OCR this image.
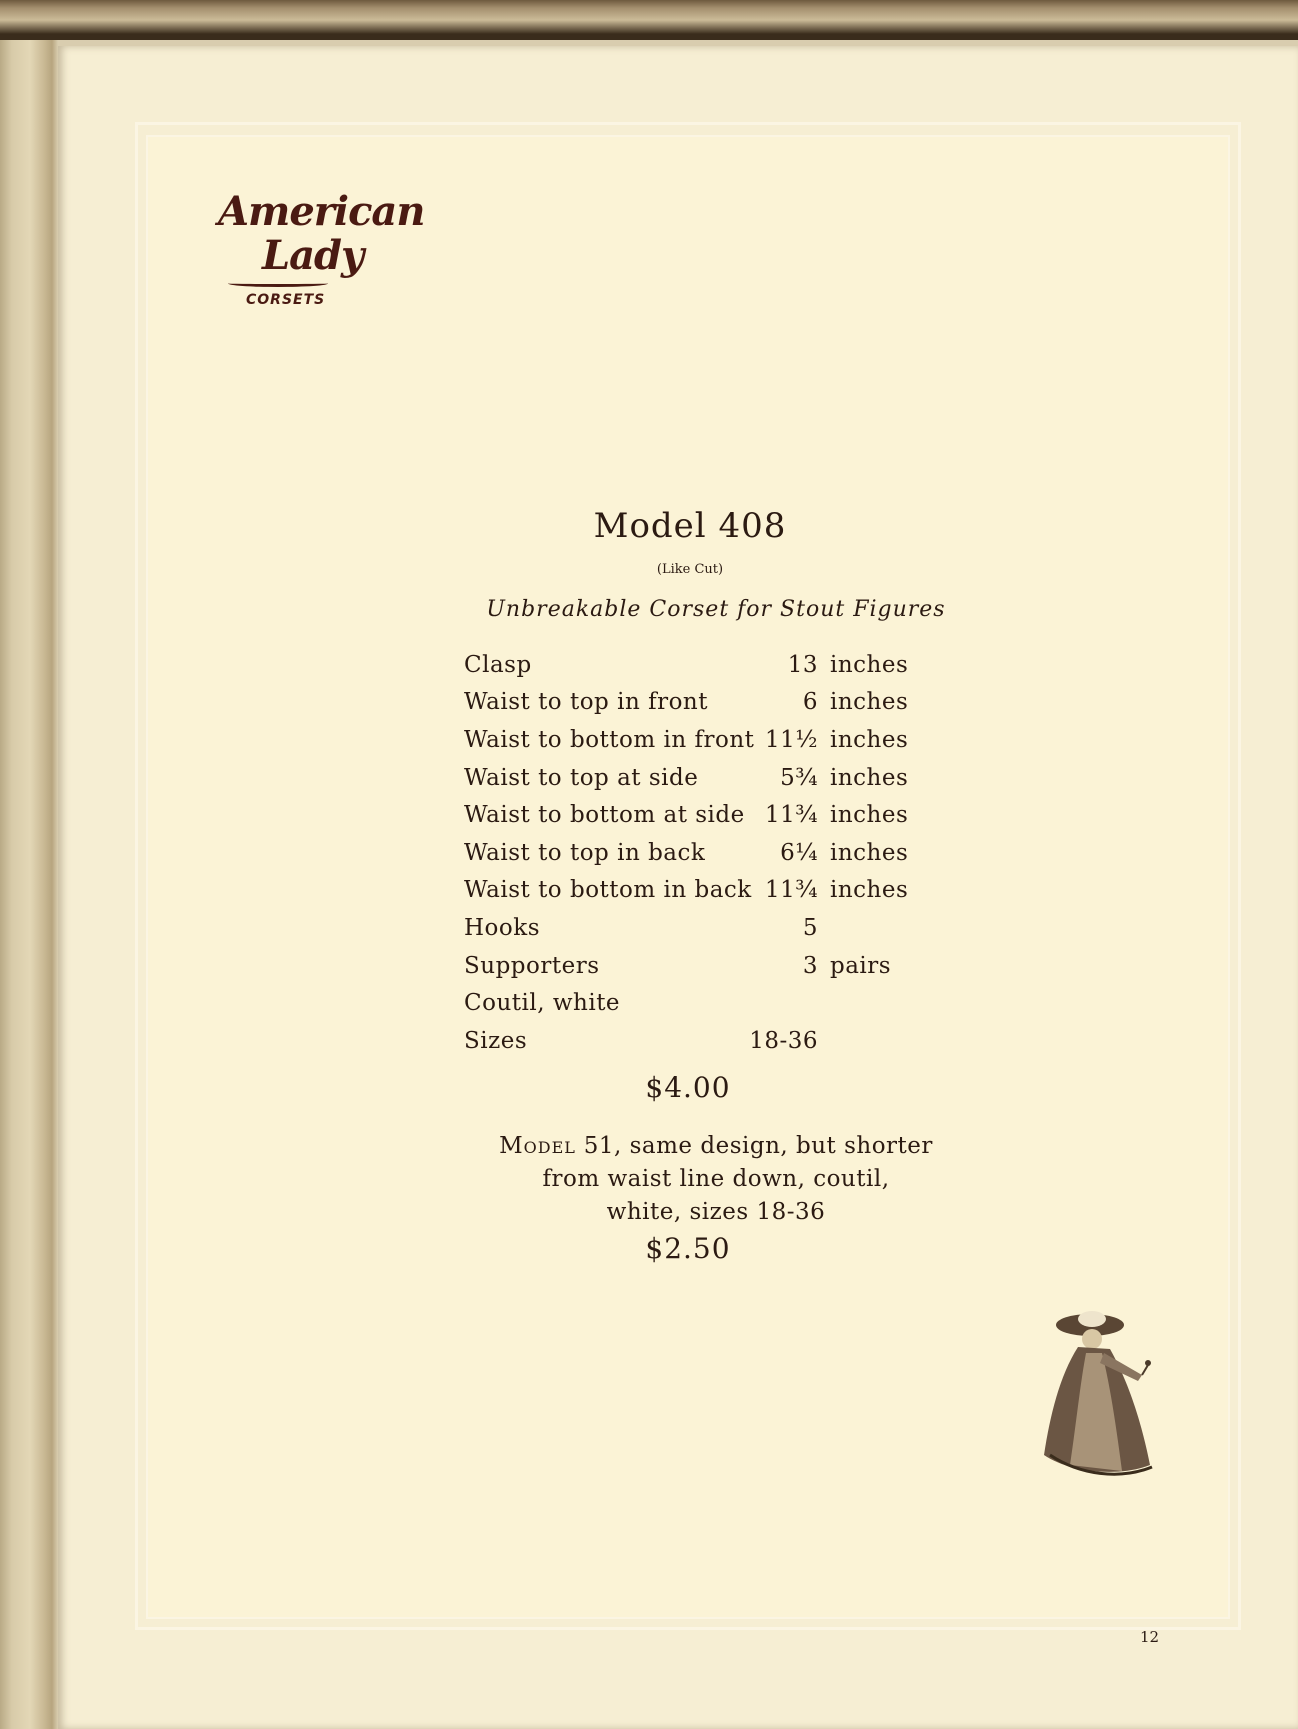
American
Lady
CORSETS
Model 408
(Like Cut)
Unbreakable Corset for Stout Figures
Clasp	13 inches
Waist to top in front	6 inches
Waist to bottom in front 11½ inches
Waist to top at side	5¾ inches
Waist to bottom at side 11¾ inches
Waist to top in back	6¼ inches
Waist to bottom in back 11¾ inches
Hooks	5
Supporters	3 pairs
Coutil, white
Sizes	18-36
$4.00
Model 51, same design, but shorter
from waist line down, coutil,
white, sizes 18-36
$2.50
12
